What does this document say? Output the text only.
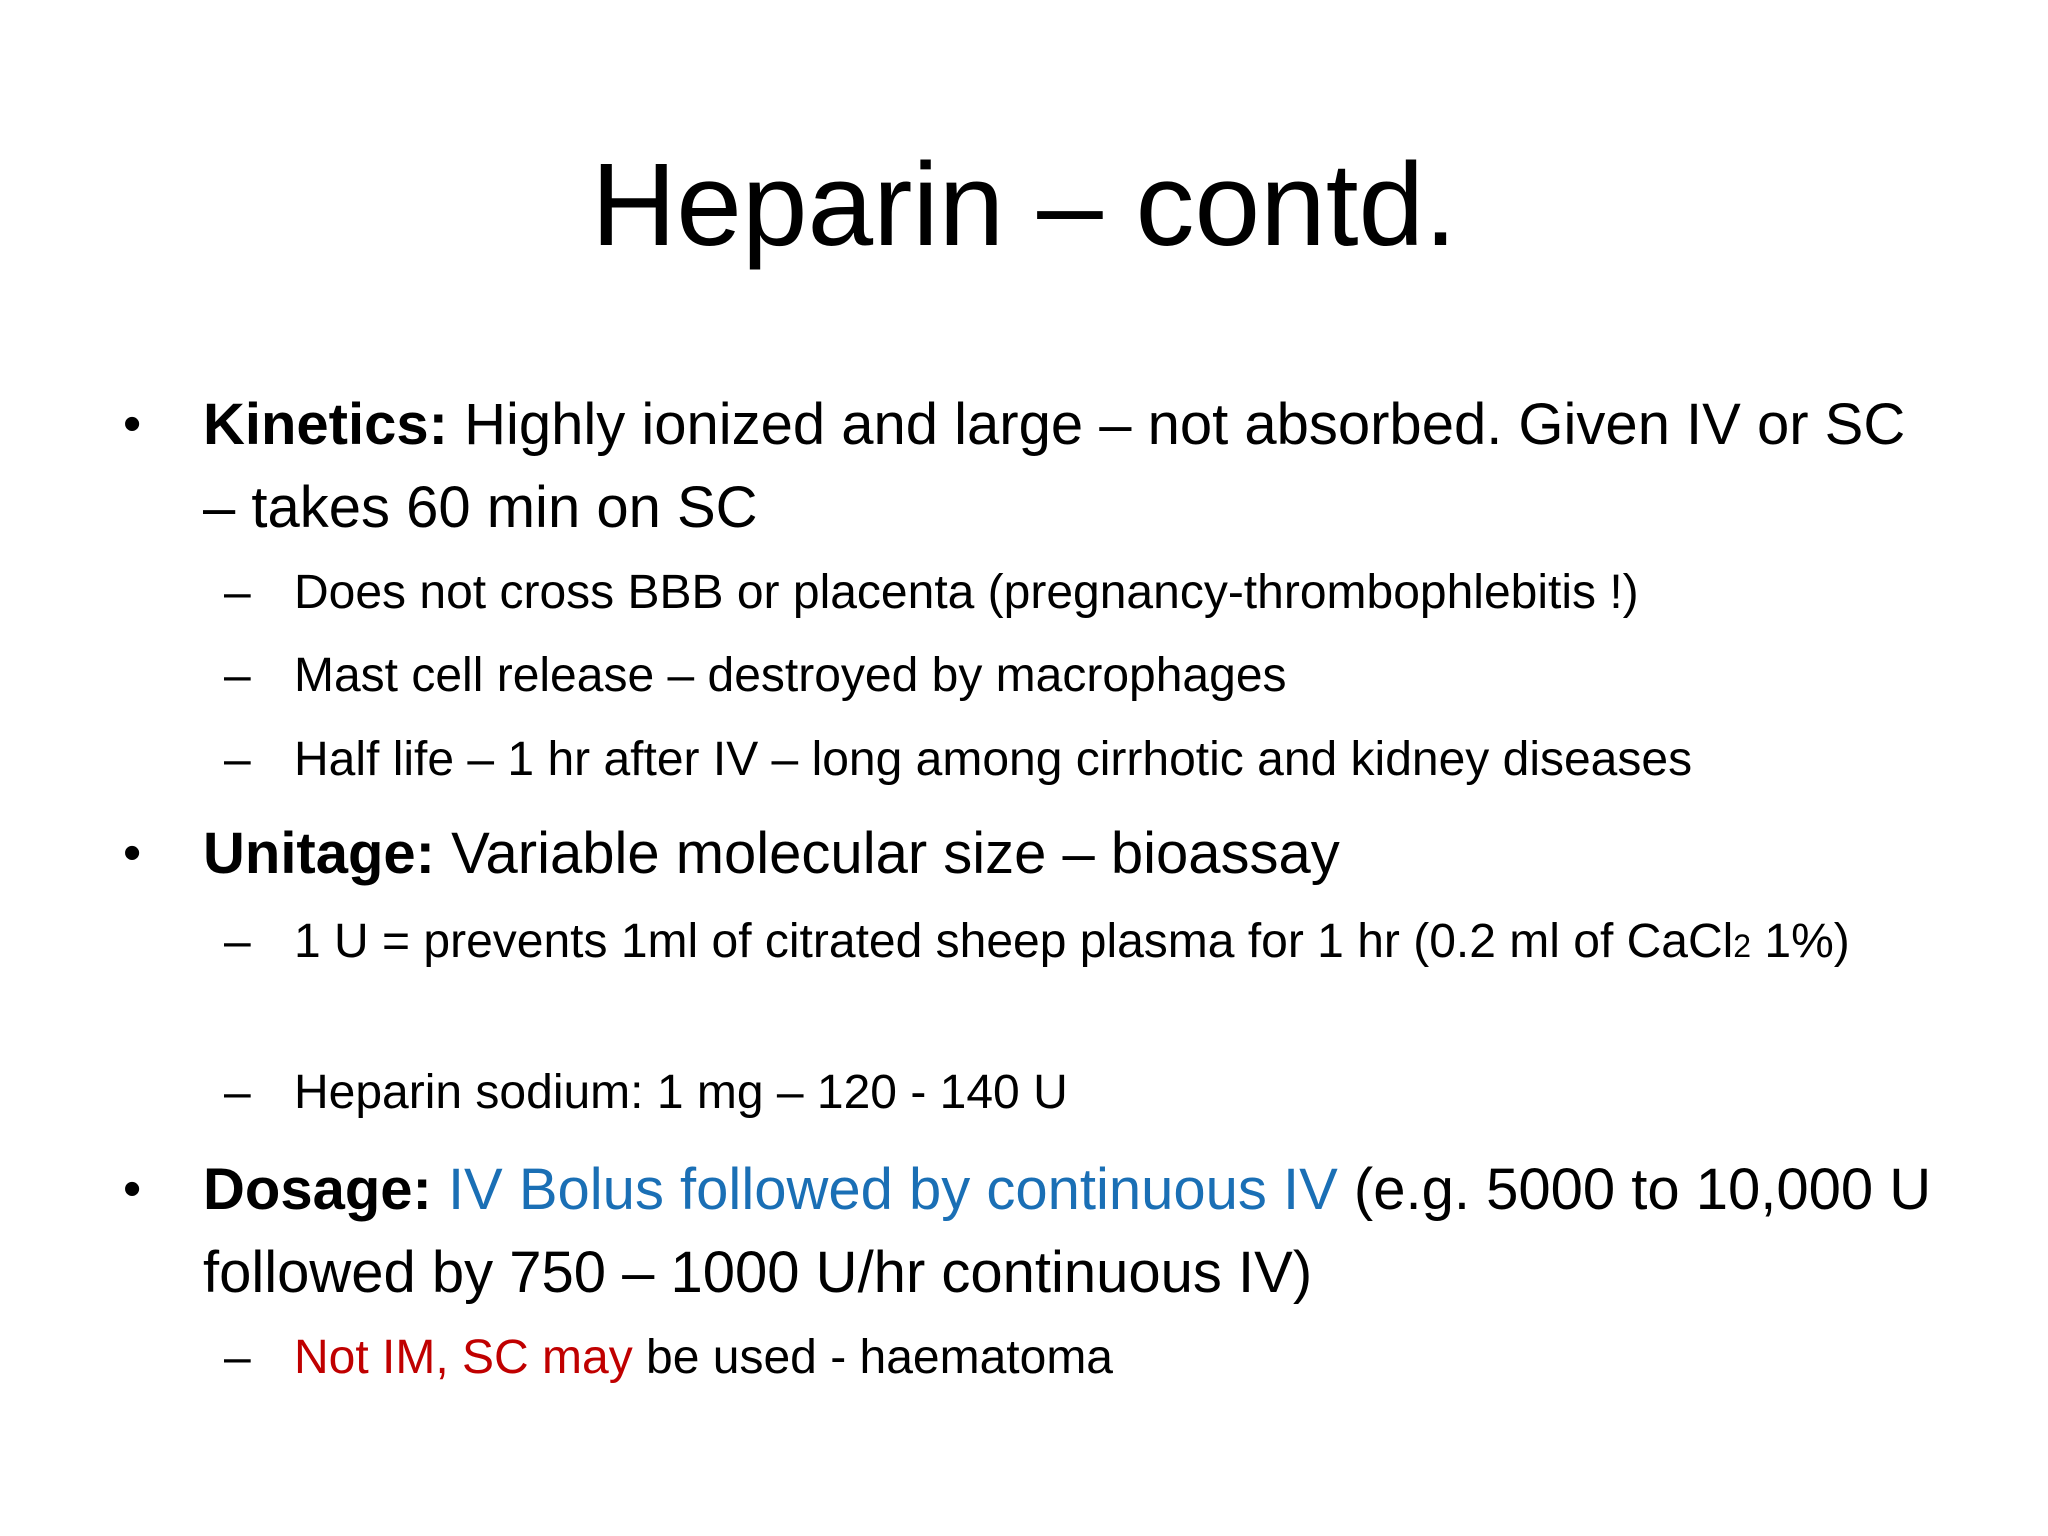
Heparin – contd.
• Kinetics: Highly ionized and large – not absorbed. Given IV or SC – takes 60 min on SC
– Does not cross BBB or placenta (pregnancy-thrombophlebitis !)
– Mast cell release – destroyed by macrophages
– Half life – 1 hr after IV – long among cirrhotic and kidney diseases
• Unitage: Variable molecular size – bioassay
– 1 U = prevents 1ml of citrated sheep plasma for 1 hr (0.2 ml of CaCl2 1%)
– Heparin sodium: 1 mg – 120 - 140 U
• Dosage: IV Bolus followed by continuous IV (e.g. 5000 to 10,000 U followed by 750 – 1000 U/hr continuous IV)
– Not IM, SC may be used - haematoma
